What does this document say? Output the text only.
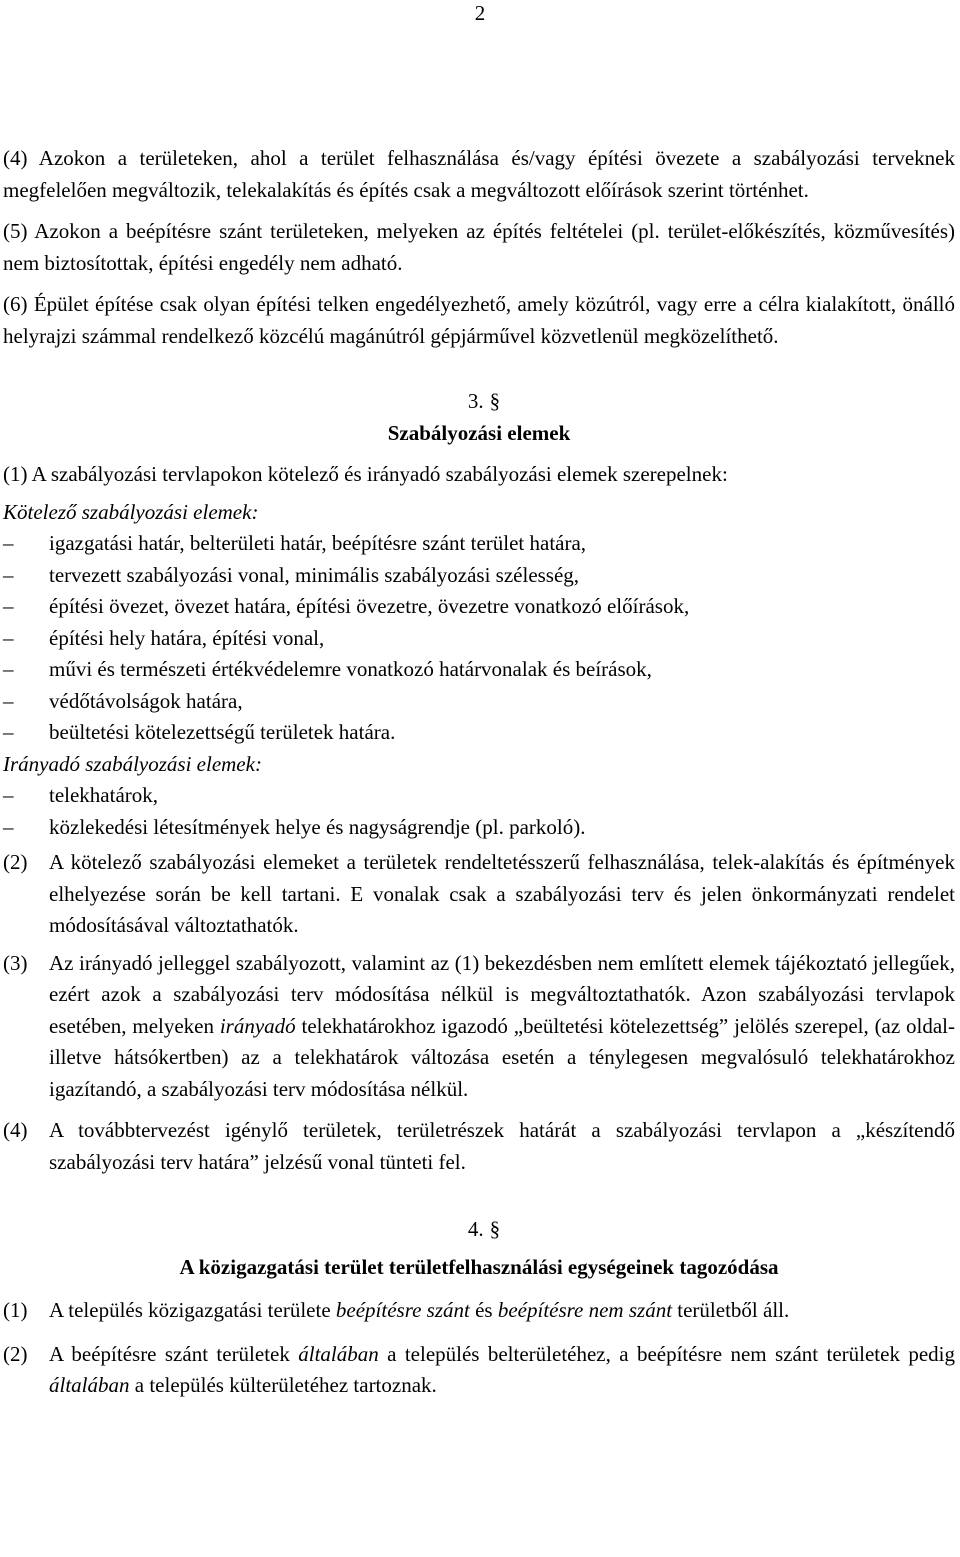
2

(4) Azokon a területeken, ahol a terület felhasználása és/vagy építési övezete a szabályozási terveknek megfelelően megváltozik, telekalakítás és építés csak a megváltozott előírások szerint történhet.

(5) Azokon a beépítésre szánt területeken, melyeken az építés feltételei (pl. terület-előkészítés, közművesítés) nem biztosítottak, építési engedély nem adható.

(6) Épület építése csak olyan építési telken engedélyezhető, amely közútról, vagy erre a célra kialakított, önálló helyrajzi számmal rendelkező közcélú magánútról gépjárművel közvetlenül megközelíthető.

3. §
Szabályozási elemek

(1) A szabályozási tervlapokon kötelező és irányadó szabályozási elemek szerepelnek:

Kötelező szabályozási elemek:
– igazgatási határ, belterületi határ, beépítésre szánt terület határa,
– tervezett szabályozási vonal, minimális szabályozási szélesség,
– építési övezet, övezet határa, építési övezetre, övezetre vonatkozó előírások,
– építési hely határa, építési vonal,
– művi és természeti értékvédelemre vonatkozó határvonalak és beírások,
– védőtávolságok határa,
– beültetési kötelezettségű területek határa.
Irányadó szabályozási elemek:
– telekhatárok,
– közlekedési létesítmények helye és nagyságrendje (pl. parkoló).
(2) A kötelező szabályozási elemeket a területek rendeltetésszerű felhasználása, telek-alakítás és építmények elhelyezése során be kell tartani. E vonalak csak a szabályozási terv és jelen önkormányzati rendelet módosításával változtathatók.
(3) Az irányadó jelleggel szabályozott, valamint az (1) bekezdésben nem említett elemek tájékoztató jellegűek, ezért azok a szabályozási terv módosítása nélkül is megváltoztathatók. Azon szabályozási tervlapok esetében, melyeken irányadó telekhatárokhoz igazodó „beültetési kötelezettség” jelölés szerepel, (az oldal- illetve hátsókertben) az a telekhatárok változása esetén a ténylegesen megvalósuló telekhatárokhoz igazítandó, a szabályozási terv módosítása nélkül.
(4) A továbbtervezést igénylő területek, területrészek határát a szabályozási tervlapon a „készítendő szabályozási terv határa” jelzésű vonal tünteti fel.
4. §
A közigazgatási terület területfelhasználási egységeinek tagozódása
(1) A település közigazgatási területe beépítésre szánt és beépítésre nem szánt területből áll.
(2) A beépítésre szánt területek általában a település belterületéhez, a beépítésre nem szánt területek pedig általában a település külterületéhez tartoznak.
